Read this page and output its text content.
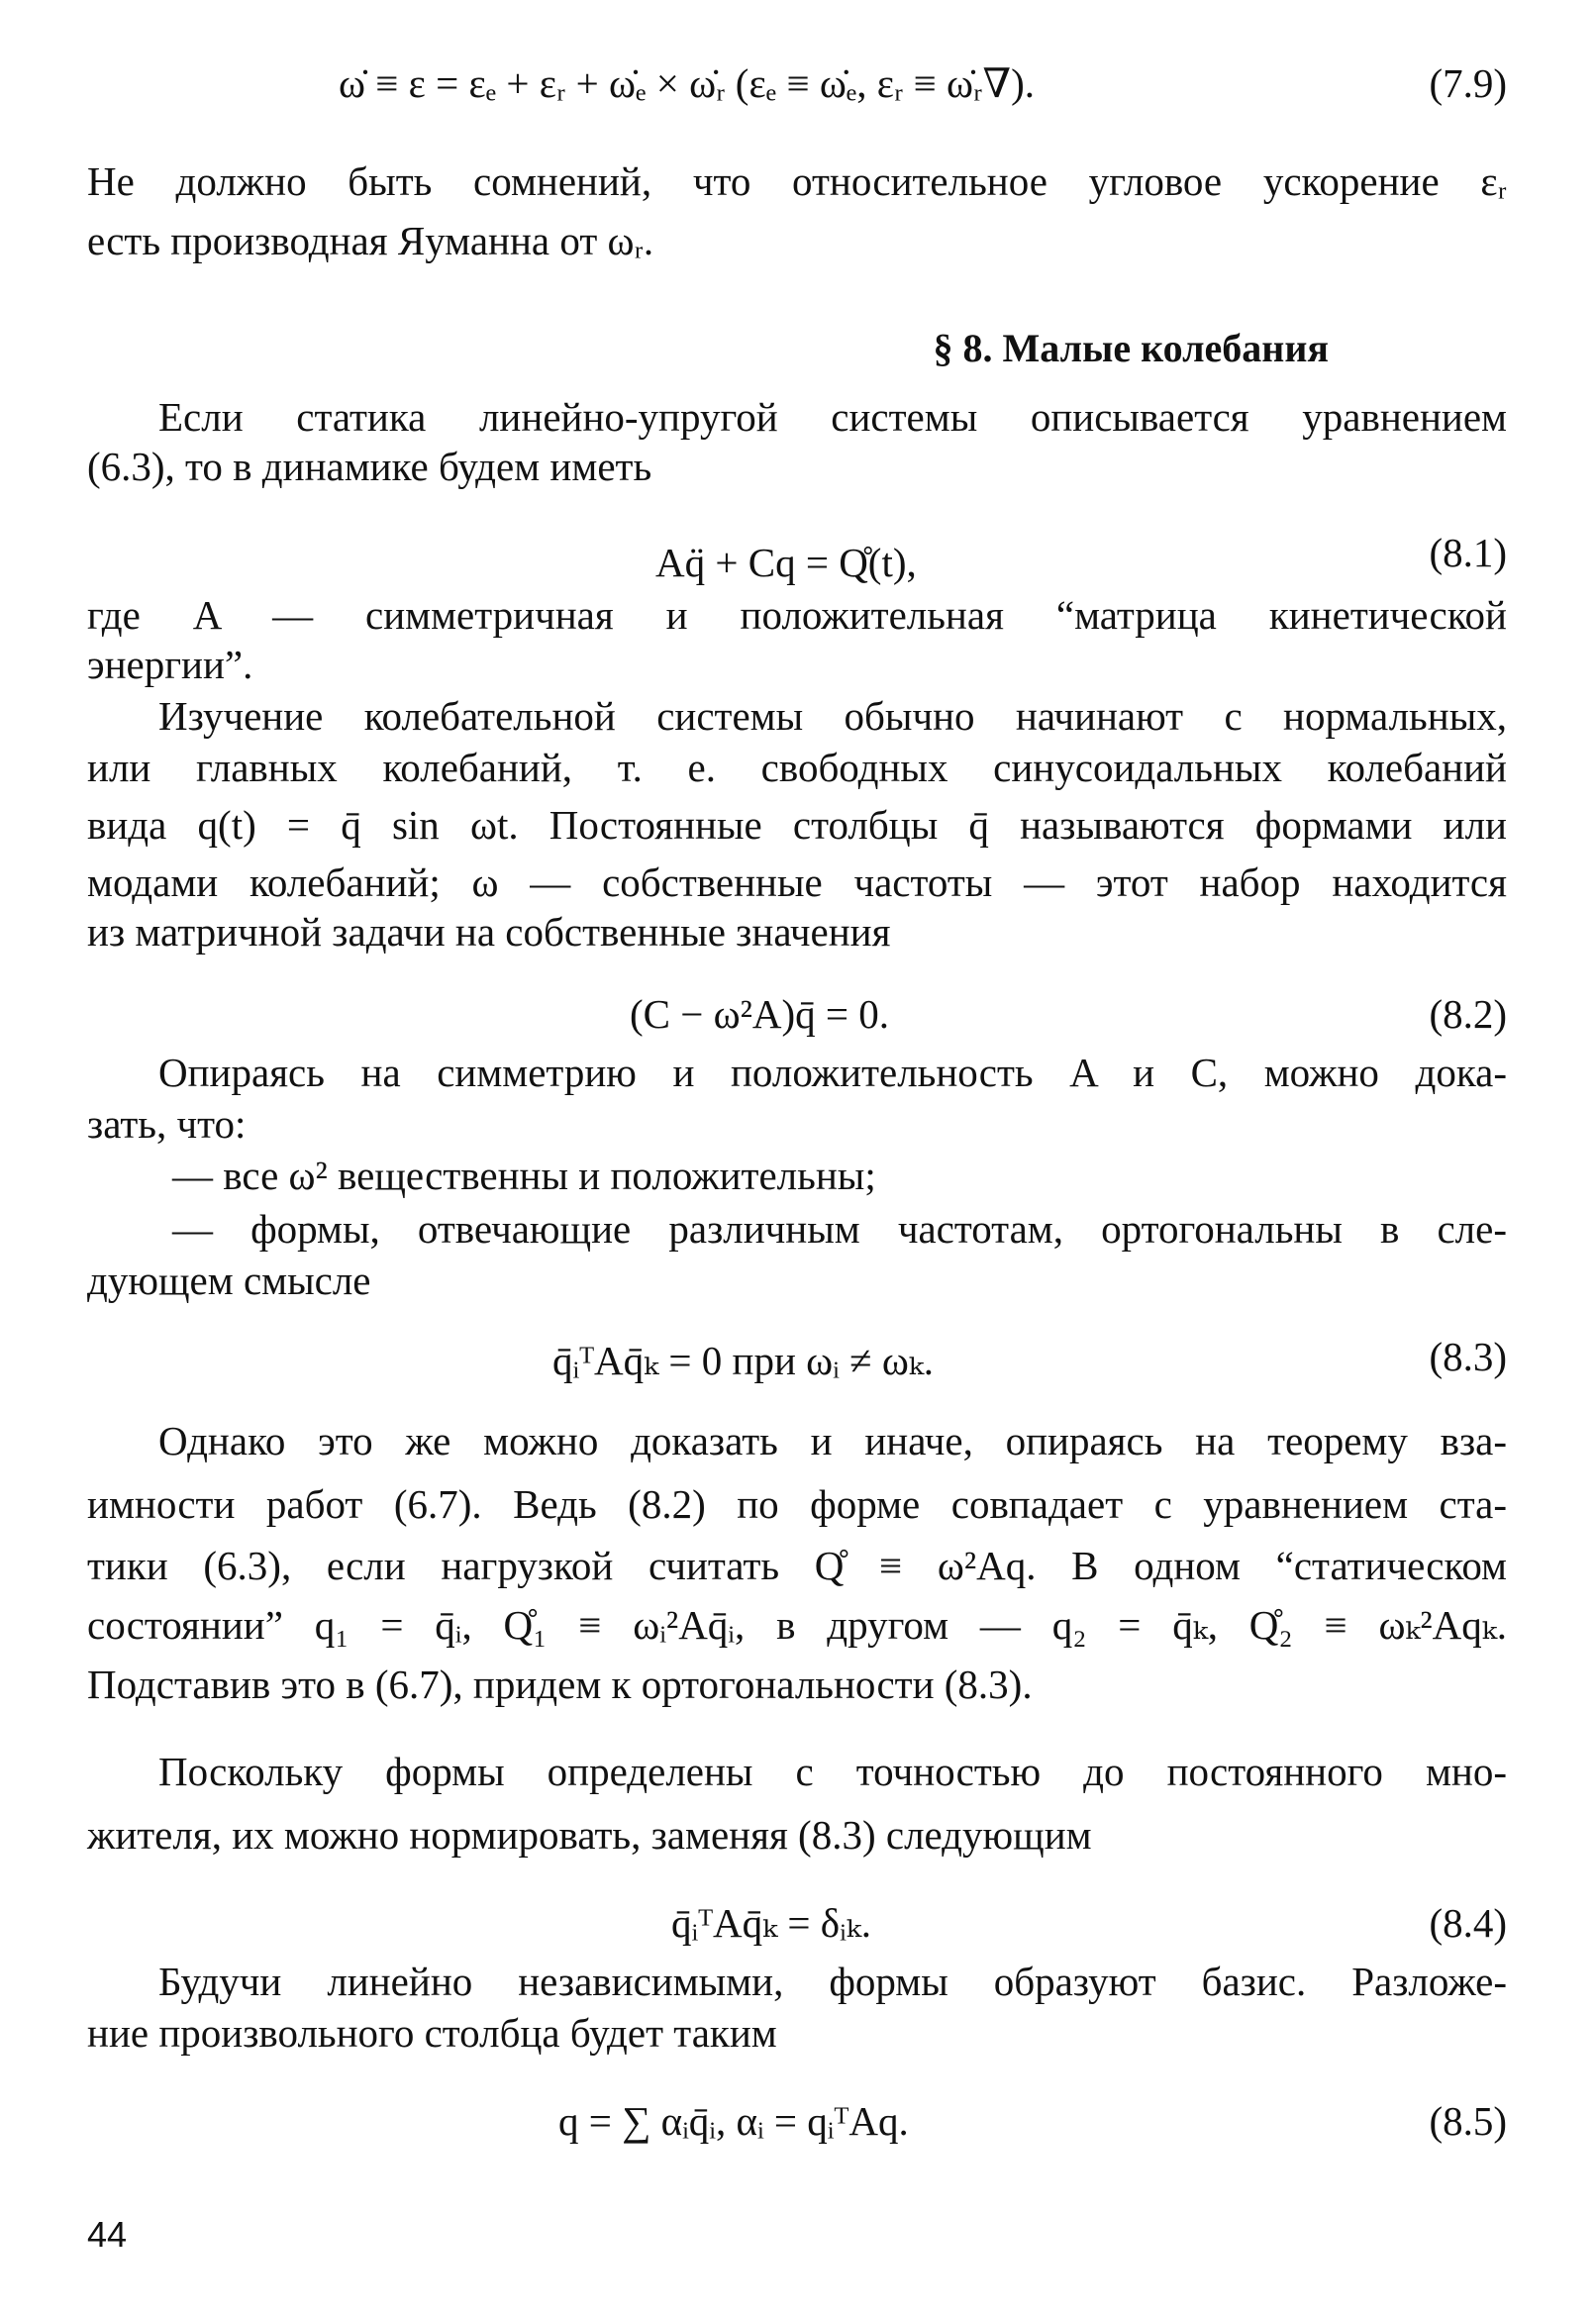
ω̇ ≡ ε = εₑ + εᵣ + ω̇ₑ × ω̇ᵣ (εₑ ≡ ω̇ₑ, εᵣ ≡ ω̇ᵣ∇).	(7.9)
Не должно быть сомнений, что относительное угловое ускорение εᵣ
есть производная Яуманна от ωᵣ.
§ 8. Малые колебания
Если статика линейно-упругой системы описывается уравнением
(6.3), то в динамике будем иметь
Aq̈ + Cq = Q̊(t),	(8.1)
где A — симметричная и положительная “матрица кинетической
энергии”.
Изучение колебательной системы обычно начинают с нормальных,
или главных колебаний, т. е. свободных синусоидальных колебаний
вида q(t) = q̄ sin ωt. Постоянные столбцы q̄ называются формами или
модами колебаний; ω — собственные частоты — этот набор находится
из матричной задачи на собственные значения
(C − ω²A)q̄ = 0.	(8.2)
Опираясь на симметрию и положительность A и C, можно дока-
зать, что:
— все ω² вещественны и положительны;
— формы, отвечающие различным частотам, ортогональны в сле-
дующем смысле
q̄ᵢᵀAq̄ₖ = 0 при ωᵢ ≠ ωₖ.	(8.3)
Однако это же можно доказать и иначе, опираясь на теорему вза-
имности работ (6.7). Ведь (8.2) по форме совпадает с уравнением ста-
тики (6.3), если нагрузкой считать Q̊ ≡ ω²Aq. В одном “статическом
состоянии” q₁ = q̄ᵢ, Q̊₁ ≡ ωᵢ²Aq̄ᵢ, в другом — q₂ = q̄ₖ, Q̊₂ ≡ ωₖ²Aqₖ.
Подставив это в (6.7), придем к ортогональности (8.3).
Поскольку формы определены с точностью до постоянного мно-
жителя, их можно нормировать, заменяя (8.3) следующим
q̄ᵢᵀAq̄ₖ = δᵢₖ.	(8.4)
Будучи линейно независимыми, формы образуют базис. Разложе-
ние произвольного столбца будет таким
q = ∑ αᵢq̄ᵢ, αᵢ = qᵢᵀAq.	(8.5)
44
